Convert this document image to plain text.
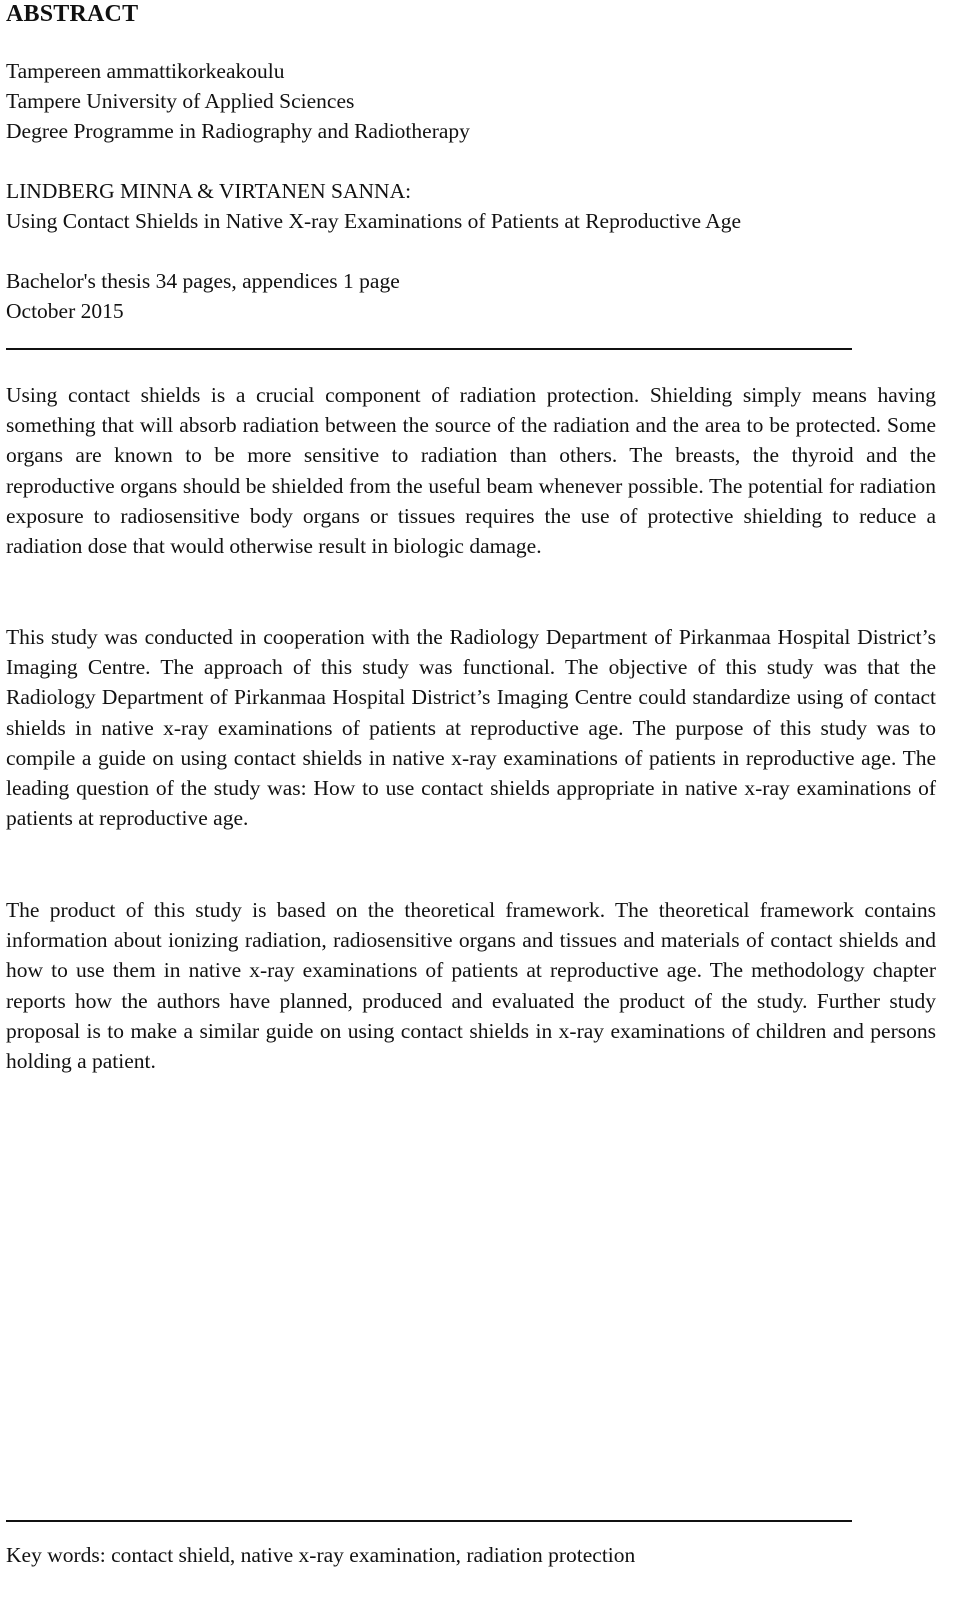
ABSTRACT
Tampereen ammattikorkeakoulu
Tampere University of Applied Sciences
Degree Programme in Radiography and Radiotherapy
LINDBERG MINNA & VIRTANEN SANNA:
Using Contact Shields in Native X-ray Examinations of Patients at Reproductive Age
Bachelor's thesis 34 pages, appendices 1 page
October 2015

Using contact shields is a crucial component of radiation protection. Shielding simply means having something that will absorb radiation between the source of the radiation and the area to be protected. Some organs are known to be more sensitive to radiation than others. The breasts, the thyroid and the reproductive organs should be shielded from the useful beam whenever possible. The potential for radiation exposure to radiosensitive body organs or tissues requires the use of protective shielding to reduce a radiation dose that would otherwise result in biologic damage.

This study was conducted in cooperation with the Radiology Department of Pirkanmaa Hospital District’s Imaging Centre. The approach of this study was functional. The objective of this study was that the Radiology Department of Pirkanmaa Hospital District’s Imaging Centre could standardize using of contact shields in native x-ray examinations of patients at reproductive age. The purpose of this study was to compile a guide on using contact shields in native x-ray examinations of patients in reproductive age. The leading question of the study was: How to use contact shields appropriate in native x-ray examinations of patients at reproductive age.

The product of this study is based on the theoretical framework. The theoretical framework contains information about ionizing radiation, radiosensitive organs and tissues and materials of contact shields and how to use them in native x-ray examinations of patients at reproductive age. The methodology chapter reports how the authors have planned, produced and evaluated the product of the study. Further study proposal is to make a similar guide on using contact shields in x-ray examinations of children and persons holding a patient.

Key words: contact shield, native x-ray examination, radiation protection
